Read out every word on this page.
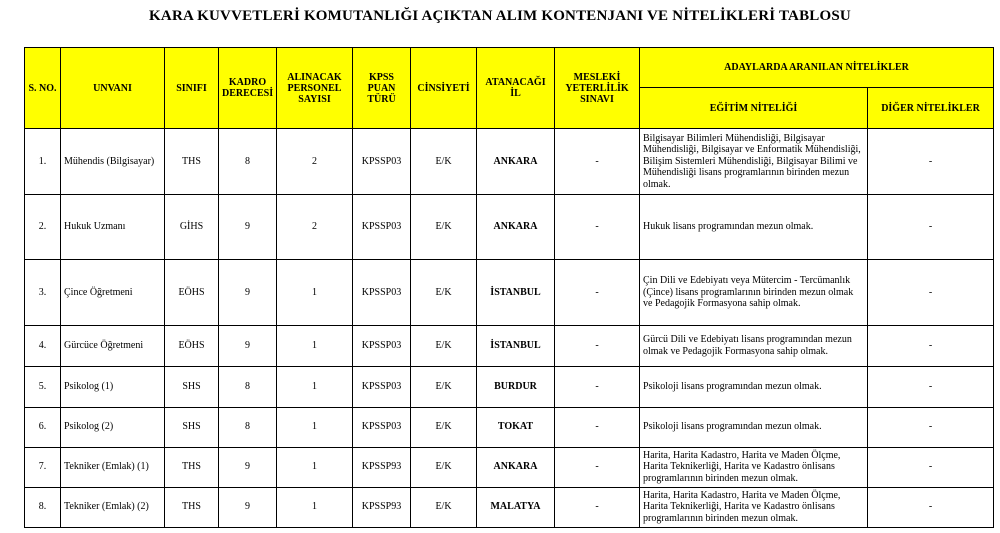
KARA KUVVETLERİ KOMUTANLIĞI AÇIKTAN ALIM KONTENJANI VE NİTELİKLERİ TABLOSU
S. NO.	UNVANI	SINIFI	KADRO DERECESİ	ALINACAK PERSONEL SAYISI	KPSS PUAN TÜRÜ	CİNSİYETİ	ATANACAĞI İL	MESLEKİ YETERLİLİK SINAVI	ADAYLARDA ARANILAN NİTELİKLER	
									EĞİTİM NİTELİĞİ	DİĞER NİTELİKLER
1.	Mühendis (Bilgisayar)	THS	8	2	KPSSP03	E/K	ANKARA	-	Bilgisayar Bilimleri Mühendisliği, Bilgisayar Mühendisliği, Bilgisayar ve Enformatik Mühendisliği, Bilişim Sistemleri Mühendisliği, Bilgisayar Bilimi ve Mühendisliği lisans programlarının birinden mezun olmak.	-
2.	Hukuk Uzmanı	GİHS	9	2	KPSSP03	E/K	ANKARA	-	Hukuk lisans programından mezun olmak.	-
3.	Çince Öğretmeni	EÖHS	9	1	KPSSP03	E/K	İSTANBUL	-	Çin Dili ve Edebiyatı veya Mütercim - Tercümanlık (Çince) lisans programlarının birinden mezun olmak ve Pedagojik Formasyona sahip olmak.	-
4.	Gürcüce Öğretmeni	EÖHS	9	1	KPSSP03	E/K	İSTANBUL	-	Gürcü Dili ve Edebiyatı lisans programından mezun olmak ve Pedagojik Formasyona sahip olmak.	-
5.	Psikolog (1)	SHS	8	1	KPSSP03	E/K	BURDUR	-	Psikoloji lisans programından mezun olmak.	-
6.	Psikolog (2)	SHS	8	1	KPSSP03	E/K	TOKAT	-	Psikoloji lisans programından mezun olmak.	-
7.	Tekniker (Emlak) (1)	THS	9	1	KPSSP93	E/K	ANKARA	-	Harita, Harita Kadastro, Harita ve Maden Ölçme, Harita Teknikerliği, Harita ve Kadastro önlisans programlarının birinden mezun olmak.	-
8.	Tekniker (Emlak) (2)	THS	9	1	KPSSP93	E/K	MALATYA	-	Harita, Harita Kadastro, Harita ve Maden Ölçme, Harita Teknikerliği, Harita ve Kadastro önlisans programlarının birinden mezun olmak.	-
